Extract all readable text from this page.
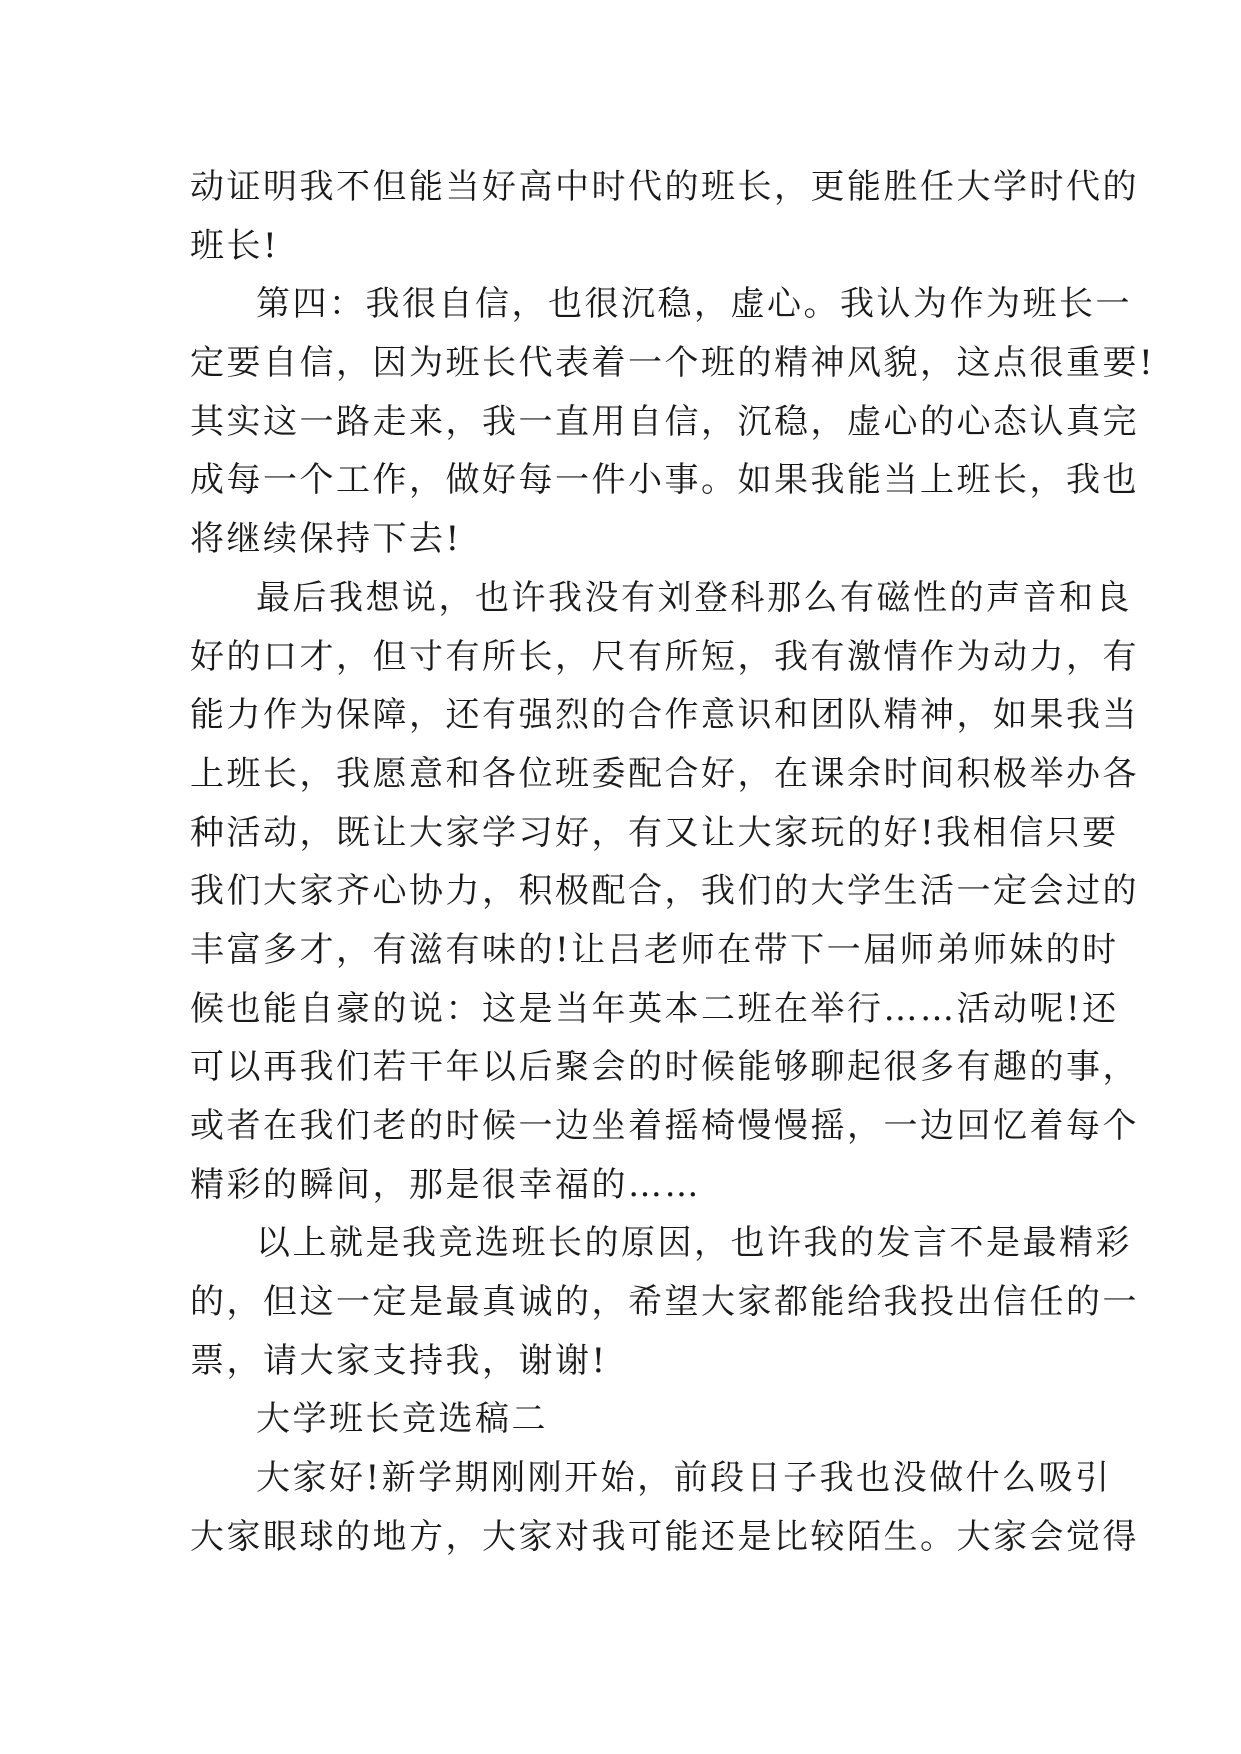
动证明我不但能当好高中时代的班长，更能胜任大学时代的
班长!
第四：我很自信，也很沉稳，虚心。我认为作为班长一
定要自信，因为班长代表着一个班的精神风貌，这点很重要!
其实这一路走来，我一直用自信，沉稳，虚心的心态认真完
成每一个工作，做好每一件小事。如果我能当上班长，我也
将继续保持下去!
最后我想说，也许我没有刘登科那么有磁性的声音和良
好的口才，但寸有所长，尺有所短，我有激情作为动力，有
能力作为保障，还有强烈的合作意识和团队精神，如果我当
上班长，我愿意和各位班委配合好，在课余时间积极举办各
种活动，既让大家学习好，有又让大家玩的好!我相信只要
我们大家齐心协力，积极配合，我们的大学生活一定会过的
丰富多才，有滋有味的!让吕老师在带下一届师弟师妹的时
候也能自豪的说：这是当年英本二班在举行……活动呢!还
可以再我们若干年以后聚会的时候能够聊起很多有趣的事，
或者在我们老的时候一边坐着摇椅慢慢摇，一边回忆着每个
精彩的瞬间，那是很幸福的……
以上就是我竞选班长的原因，也许我的发言不是最精彩
的，但这一定是最真诚的，希望大家都能给我投出信任的一
票，请大家支持我，谢谢!
大学班长竞选稿二
大家好!新学期刚刚开始，前段日子我也没做什么吸引
大家眼球的地方，大家对我可能还是比较陌生。大家会觉得
